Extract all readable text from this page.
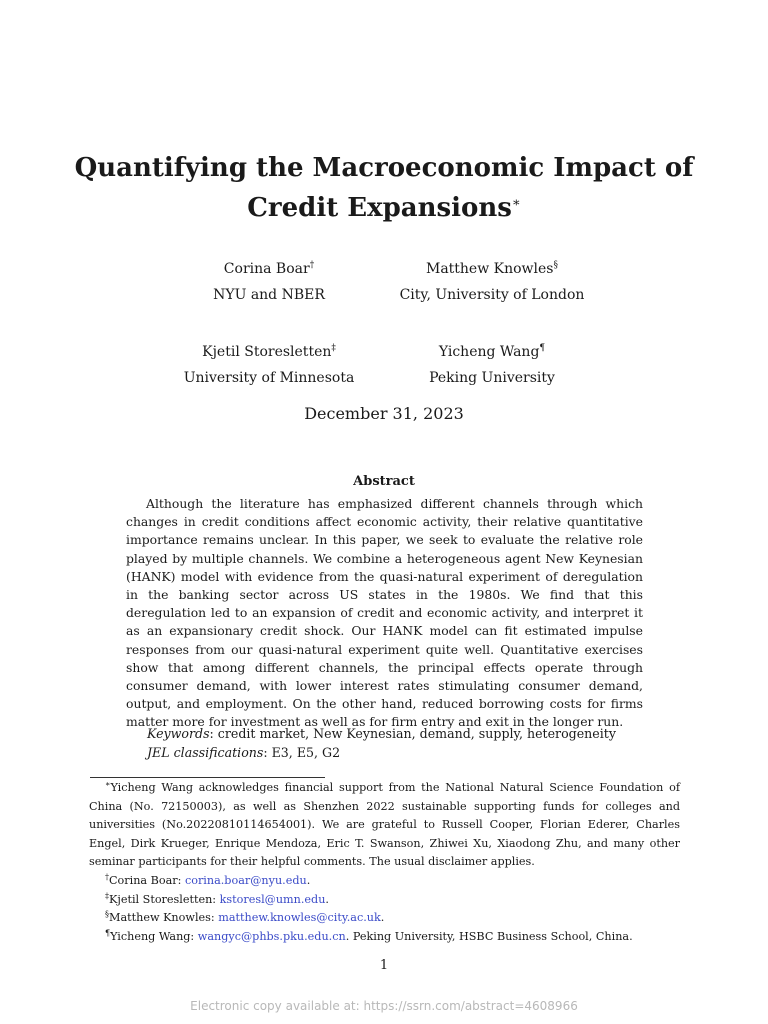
Quantifying the Macroeconomic Impact of
Credit Expansions∗
Corina Boar†
NYU and NBER
Matthew Knowles§
City, University of London
Kjetil Storesletten‡
University of Minnesota
Yicheng Wang¶
Peking University
December 31, 2023
Abstract

Although the literature has emphasized different channels through which changes in credit conditions affect economic activity, their relative quantitative importance remains unclear. In this paper, we seek to evaluate the relative role played by multiple channels. We combine a heterogeneous agent New Keynesian (HANK) model with evidence from the quasi-natural experiment of deregulation in the banking sector across US states in the 1980s. We find that this deregulation led to an expansion of credit and economic activity, and interpret it as an expansionary credit shock. Our HANK model can fit estimated impulse responses from our quasi-natural experiment quite well. Quantitative exercises show that among different channels, the principal effects operate through consumer demand, with lower interest rates stimulating consumer demand, output, and employment. On the other hand, reduced borrowing costs for firms matter more for investment as well as for firm entry and exit in the longer run.

Keywords: credit market, New Keynesian, demand, supply, heterogeneity
JEL classifications: E3, E5, G2

∗Yicheng Wang acknowledges financial support from the National Natural Science Foundation of China (No. 72150003), as well as Shenzhen 2022 sustainable supporting funds for colleges and universities (No.20220810114654001). We are grateful to Russell Cooper, Florian Ederer, Charles Engel, Dirk Krueger, Enrique Mendoza, Eric T. Swanson, Zhiwei Xu, Xiaodong Zhu, and many other seminar participants for their helpful comments. The usual disclaimer applies.

†Corina Boar: corina.boar@nyu.edu.

‡Kjetil Storesletten: kstoresl@umn.edu.

§Matthew Knowles: matthew.knowles@city.ac.uk.

¶Yicheng Wang: wangyc@phbs.pku.edu.cn. Peking University, HSBC Business School, China.

1
Electronic copy available at: https://ssrn.com/abstract=4608966
